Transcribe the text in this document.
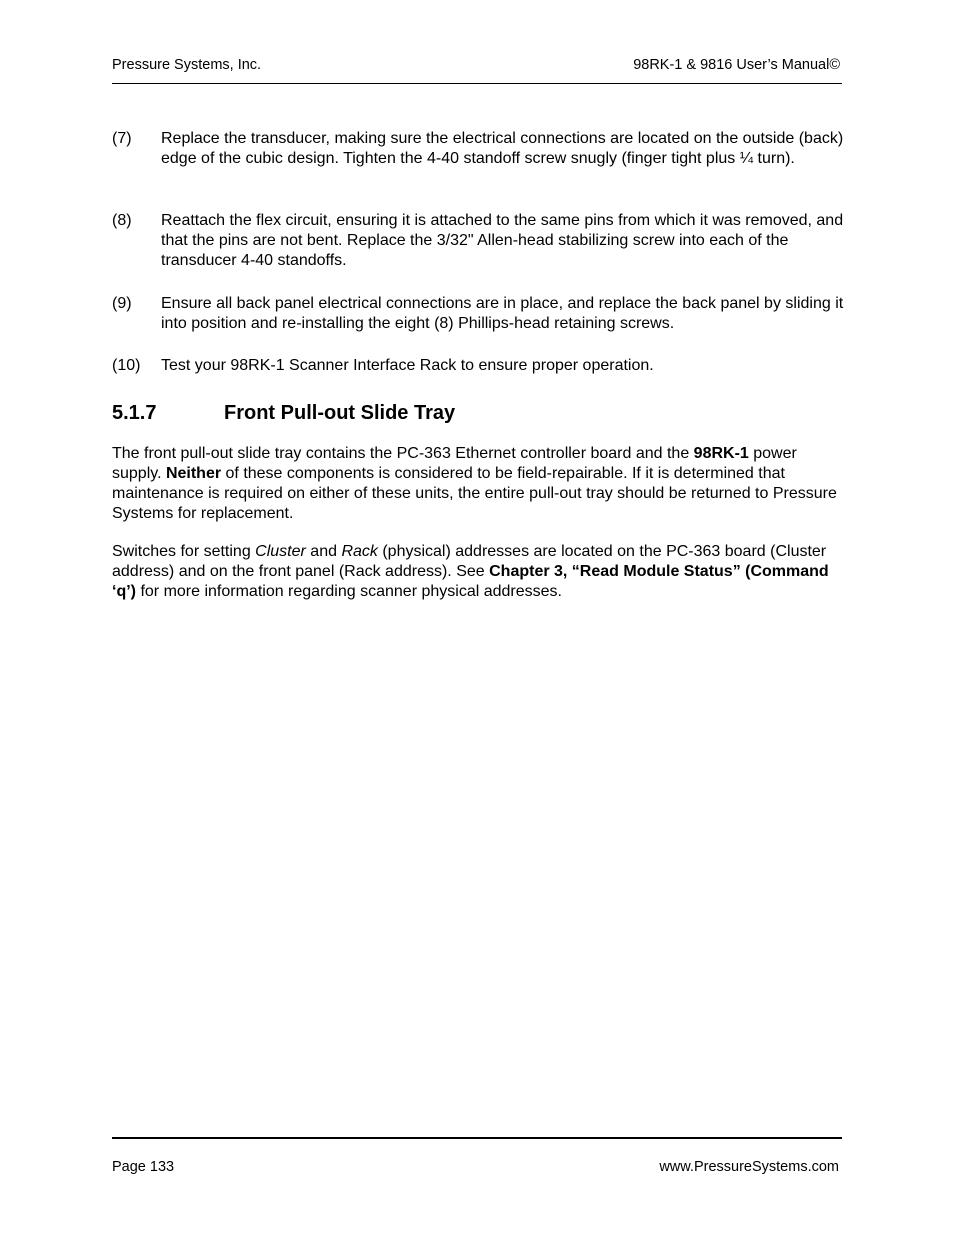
Pressure Systems, Inc.	98RK-1 & 9816 User’s Manual©
(7) Replace the transducer, making sure the electrical connections are located on the outside (back) edge of the cubic design. Tighten the 4-40 standoff screw snugly (finger tight plus ¼ turn).
(8) Reattach the flex circuit, ensuring it is attached to the same pins from which it was removed, and that the pins are not bent. Replace the 3/32" Allen-head stabilizing screw into each of the transducer 4-40 standoffs.
(9) Ensure all back panel electrical connections are in place, and replace the back panel by sliding it into position and re-installing the eight (8) Phillips-head retaining screws.
(10) Test your 98RK-1 Scanner Interface Rack to ensure proper operation.
5.1.7	Front Pull-out Slide Tray
The front pull-out slide tray contains the PC-363 Ethernet controller board and the 98RK-1 power supply. Neither of these components is considered to be field-repairable. If it is determined that maintenance is required on either of these units, the entire pull-out tray should be returned to Pressure Systems for replacement.
Switches for setting Cluster and Rack (physical) addresses are located on the PC-363 board (Cluster address) and on the front panel (Rack address). See Chapter 3, “Read Module Status” (Command ‘q’) for more information regarding scanner physical addresses.
Page 133	www.PressureSystems.com
